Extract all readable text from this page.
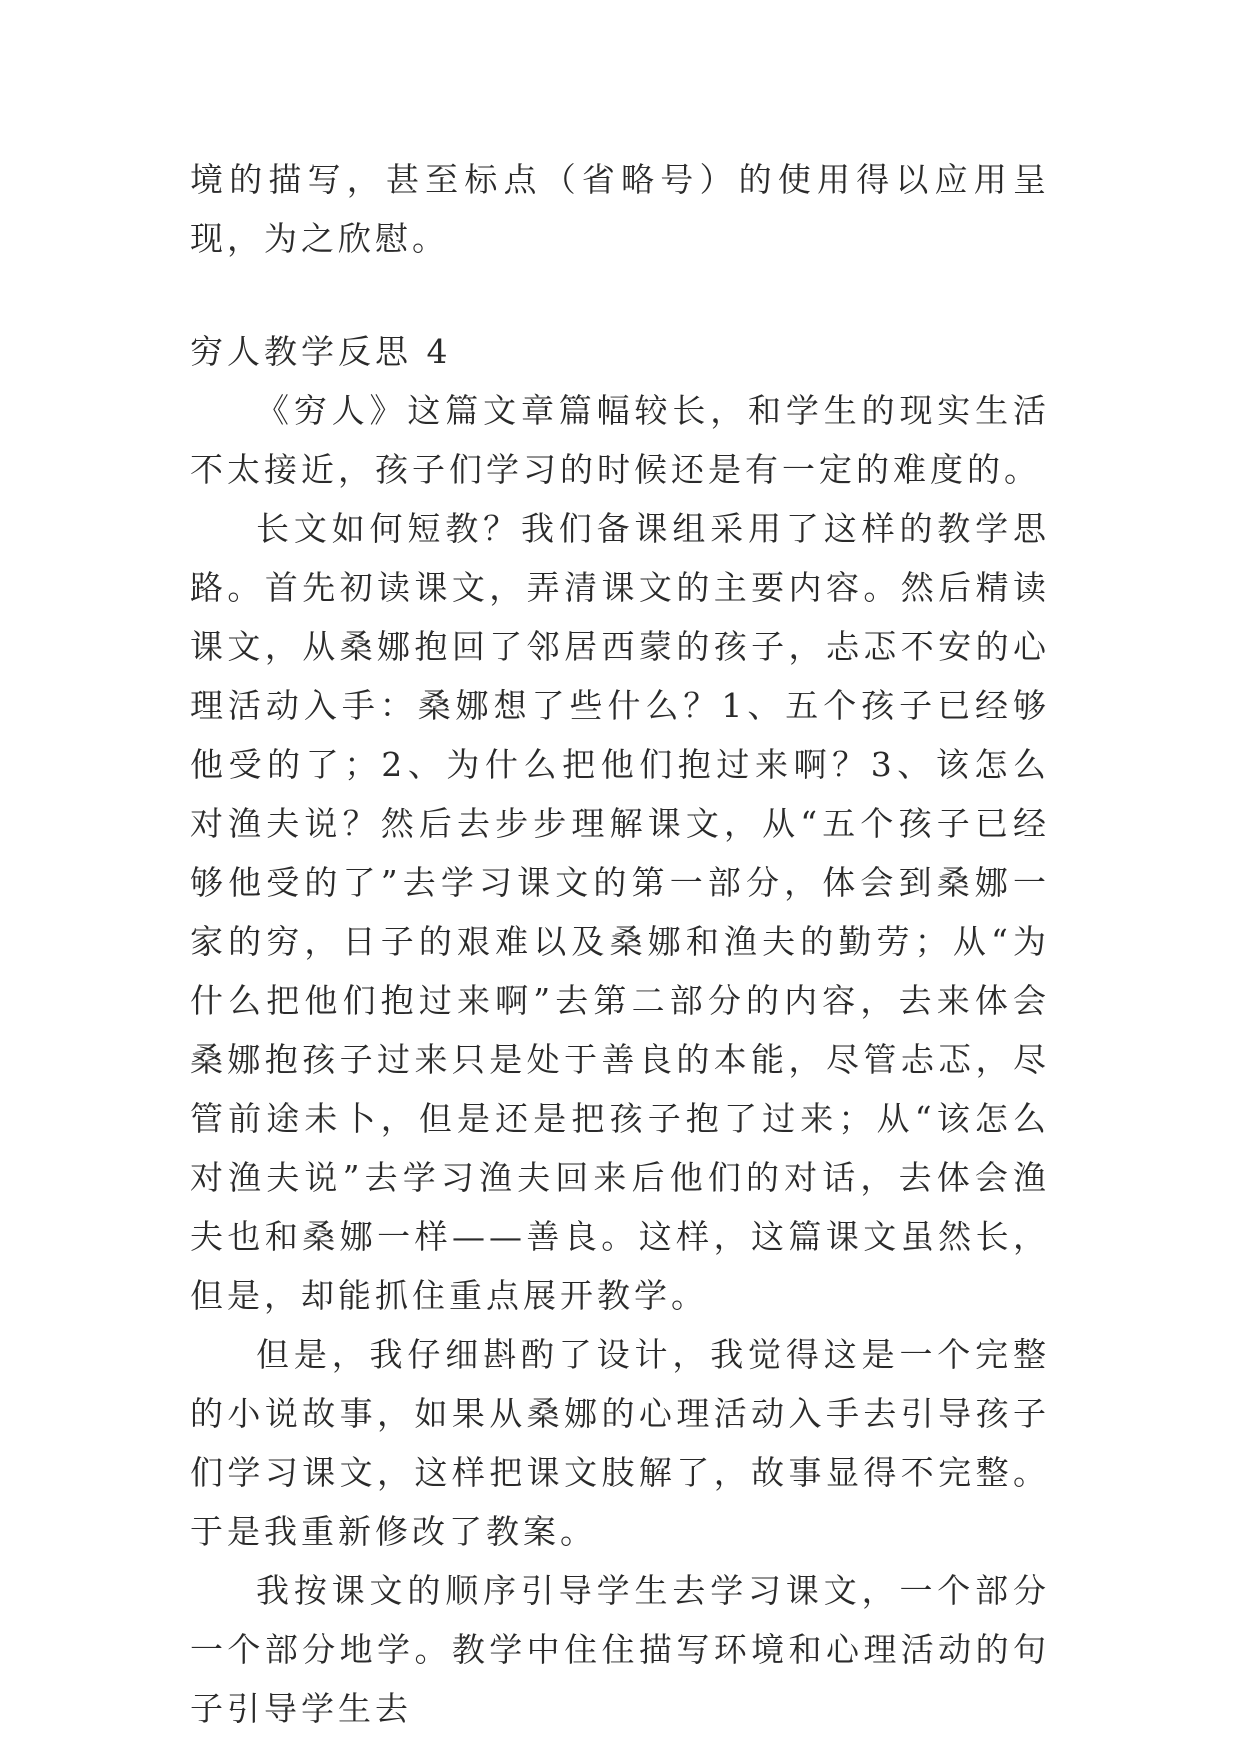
境的描写，甚至标点（省略号）的使用得以应用呈现，为之欣慰。

穷人教学反思 4

《穷人》这篇文章篇幅较长，和学生的现实生活不太接近，孩子们学习的时候还是有一定的难度的。

长文如何短教？我们备课组采用了这样的教学思路。首先初读课文，弄清课文的主要内容。然后精读课文，从桑娜抱回了邻居西蒙的孩子，忐忑不安的心理活动入手：桑娜想了些什么？1、五个孩子已经够他受的了；2、为什么把他们抱过来啊？3、该怎么对渔夫说？然后去步步理解课文，从“五个孩子已经够他受的了”去学习课文的第一部分，体会到桑娜一家的穷，日子的艰难以及桑娜和渔夫的勤劳；从“为什么把他们抱过来啊”去第二部分的内容，去来体会桑娜抱孩子过来只是处于善良的本能，尽管忐忑，尽管前途未卜，但是还是把孩子抱了过来；从“该怎么对渔夫说”去学习渔夫回来后他们的对话，去体会渔夫也和桑娜一样——善良。这样，这篇课文虽然长，但是，却能抓住重点展开教学。

但是，我仔细斟酌了设计，我觉得这是一个完整的小说故事，如果从桑娜的心理活动入手去引导孩子们学习课文，这样把课文肢解了，故事显得不完整。于是我重新修改了教案。

我按课文的顺序引导学生去学习课文，一个部分一个部分地学。教学中住住描写环境和心理活动的句子引导学生去
